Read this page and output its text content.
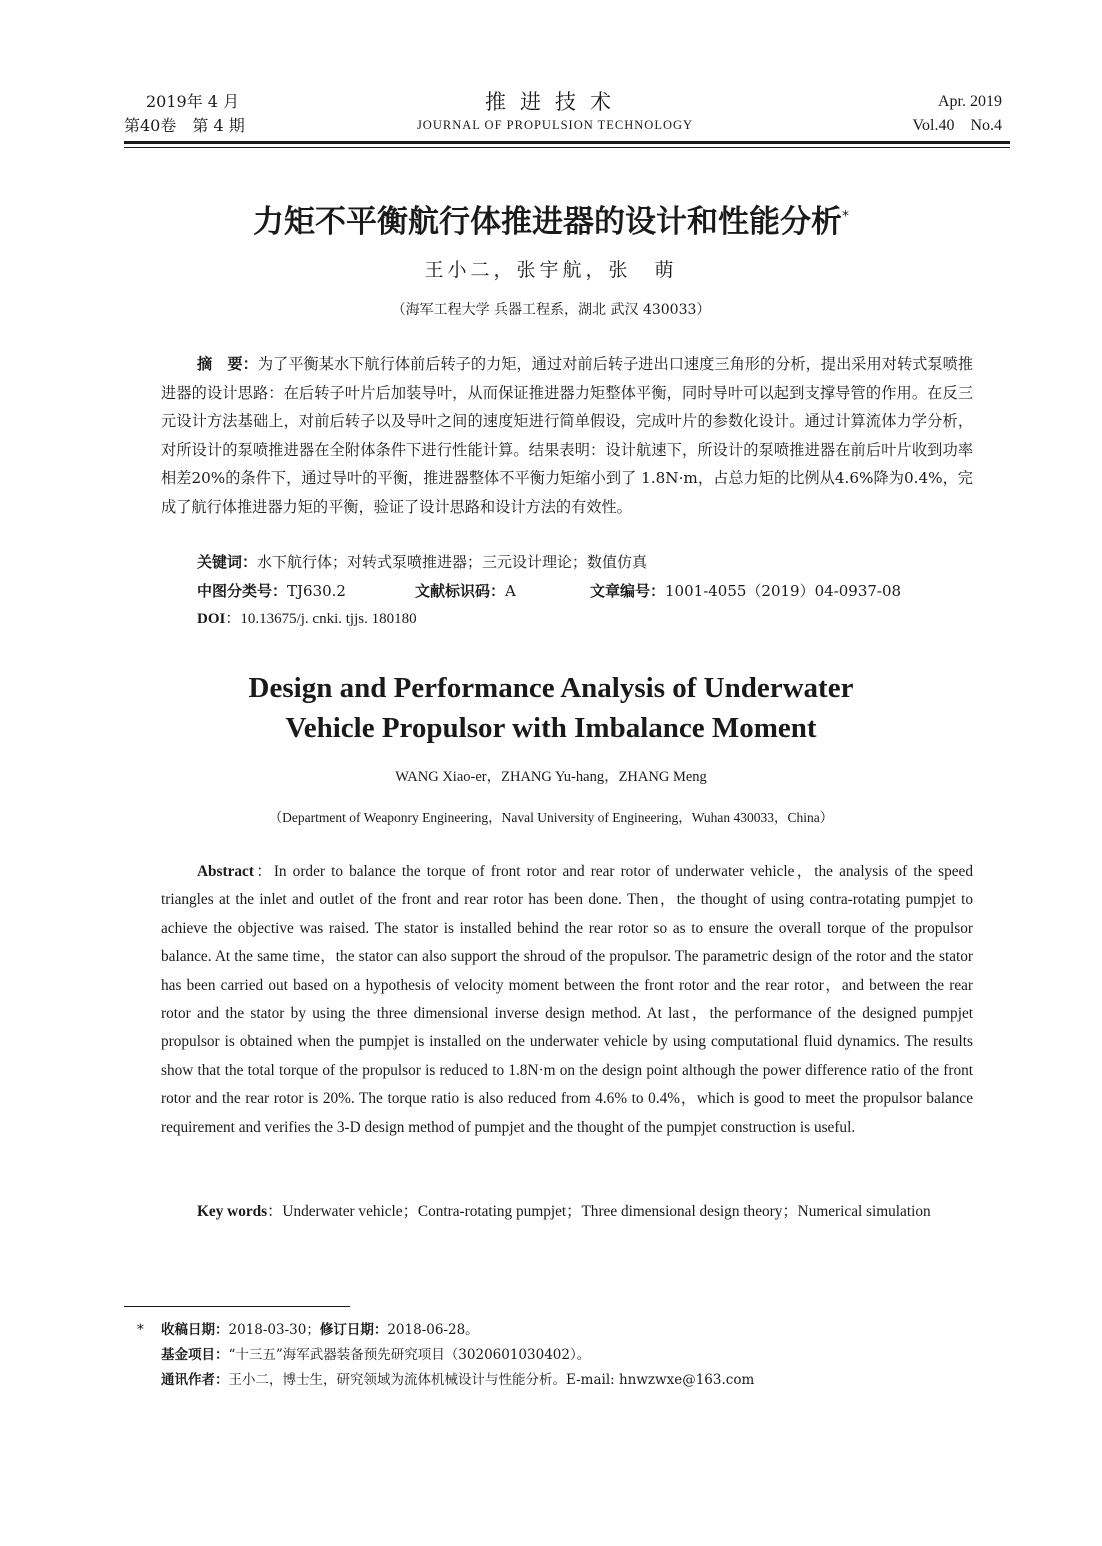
2019年 4 月
第40卷　第 4 期
推进技术
JOURNAL OF PROPULSION TECHNOLOGY
Apr. 2019
Vol.40　No.4
力矩不平衡航行体推进器的设计和性能分析*
王小二，张宇航，张　萌
（海军工程大学 兵器工程系，湖北 武汉 430033）
摘　要：为了平衡某水下航行体前后转子的力矩，通过对前后转子进出口速度三角形的分析，提出采用对转式泵喷推进器的设计思路：在后转子叶片后加装导叶，从而保证推进器力矩整体平衡，同时导叶可以起到支撑导管的作用。在反三元设计方法基础上，对前后转子以及导叶之间的速度矩进行简单假设，完成叶片的参数化设计。通过计算流体力学分析，对所设计的泵喷推进器在全附体条件下进行性能计算。结果表明：设计航速下，所设计的泵喷推进器在前后叶片收到功率相差20%的条件下，通过导叶的平衡，推进器整体不平衡力矩缩小到了 1.8N·m，占总力矩的比例从4.6%降为0.4%，完成了航行体推进器力矩的平衡，验证了设计思路和设计方法的有效性。
关键词：水下航行体；对转式泵喷推进器；三元设计理论；数值仿真
中图分类号：TJ630.2	文献标识码：A	文章编号：1001-4055（2019）04-0937-08
DOI：10.13675/j. cnki. tjjs. 180180
Design and Performance Analysis of Underwater
Vehicle Propulsor with Imbalance Moment
WANG Xiao-er，ZHANG Yu-hang，ZHANG Meng
（Department of Weaponry Engineering，Naval University of Engineering，Wuhan 430033，China）
Abstract：In order to balance the torque of front rotor and rear rotor of underwater vehicle，the analysis of the speed triangles at the inlet and outlet of the front and rear rotor has been done. Then，the thought of using contra-rotating pumpjet to achieve the objective was raised. The stator is installed behind the rear rotor so as to ensure the overall torque of the propulsor balance. At the same time，the stator can also support the shroud of the propulsor. The parametric design of the rotor and the stator has been carried out based on a hypothesis of velocity moment between the front rotor and the rear rotor，and between the rear rotor and the stator by using the three dimensional inverse design method. At last，the performance of the designed pumpjet propulsor is obtained when the pumpjet is installed on the underwater vehicle by using computational fluid dynamics. The results show that the total torque of the propulsor is reduced to 1.8N·m on the design point although the power difference ratio of the front rotor and the rear rotor is 20%. The torque ratio is also reduced from 4.6% to 0.4%，which is good to meet the propulsor balance requirement and verifies the 3-D design method of pumpjet and the thought of the pumpjet construction is useful.
Key words：Underwater vehicle；Contra-rotating pumpjet；Three dimensional design theory；Numerical simulation
* 收稿日期：2018-03-30；修订日期：2018-06-28。
基金项目：“十三五”海军武器装备预先研究项目（3020601030402）。
通讯作者：王小二，博士生，研究领域为流体机械设计与性能分析。E-mail: hnwzwxe@163.com
